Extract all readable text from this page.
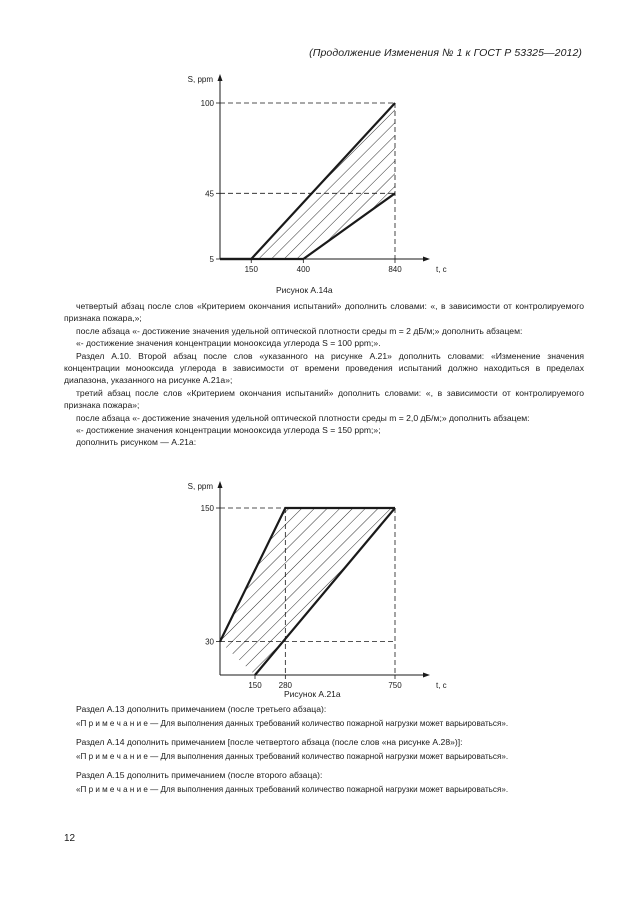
(Продолжение Изменения № 1 к ГОСТ Р 53325—2012)
150	400	840
5
45
100
S, ppm
t, c
Рисунок А.14а

четвертый абзац после слов «Критерием окончания испытаний» дополнить словами: «, в зависимости от контролируемого признака пожара,»;

после абзаца «- достижение значения удельной оптической плотности среды m = 2 дБ/м;» дополнить абзацем:

«- достижение значения концентрации монооксида углерода S = 100 ppm;».

Раздел А.10. Второй абзац после слов «указанного на рисунке А.21» дополнить словами: «Изменение значения концентрации монооксида углерода в зависимости от времени проведения испытаний должно находиться в пределах диапазона, указанного на рисунке А.21а»;

третий абзац после слов «Критерием окончания испытаний» дополнить словами: «, в зависимости от контролируемого признака пожара»;

после абзаца «- достижение значения удельной оптической плотности среды m = 2,0 дБ/м;» дополнить абзацем:

«- достижение значения концентрации монооксида углерода S = 150 ppm;»;

дополнить рисунком — А.21а:

150 280	750
30
150
S, ppm
t, c
Рисунок А.21а

Раздел А.13 дополнить примечанием (после третьего абзаца):

«П р и м е ч а н и е — Для выполнения данных требований количество пожарной нагрузки может варьироваться».

Раздел А.14 дополнить примечанием [после четвертого абзаца (после слов «на рисунке А.28»)]:

«П р и м е ч а н и е — Для выполнения данных требований количество пожарной нагрузки может варьироваться».

Раздел А.15 дополнить примечанием (после второго абзаца):

«П р и м е ч а н и е — Для выполнения данных требований количество пожарной нагрузки может варьироваться».

12
